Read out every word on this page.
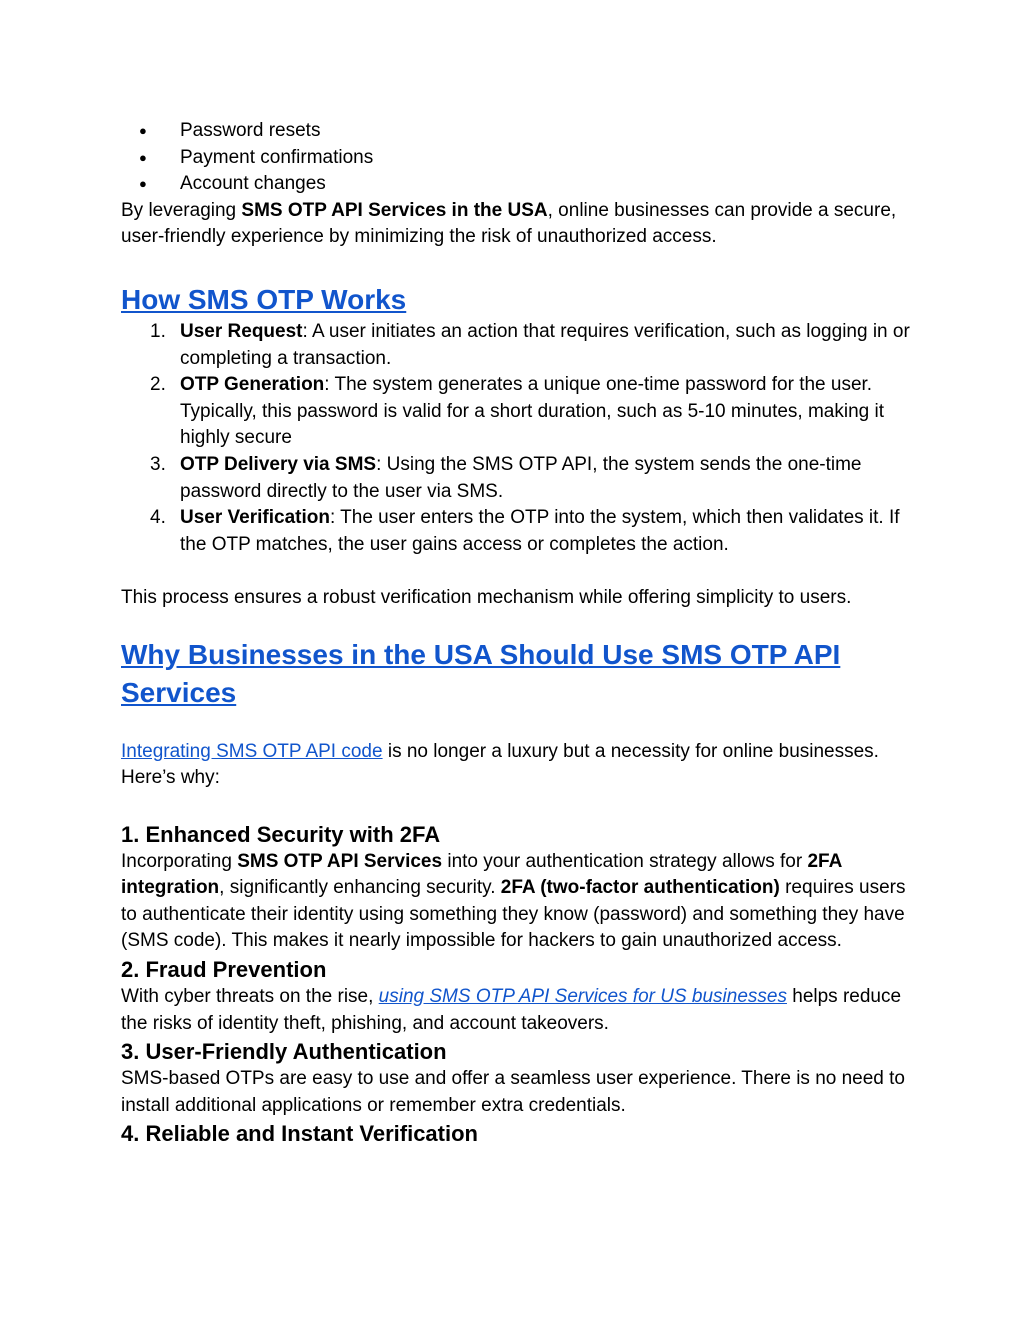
● Password resets
● Payment confirmations
● Account changes

By leveraging SMS OTP API Services in the USA, online businesses can provide a secure, user-friendly experience by minimizing the risk of unauthorized access.

How SMS OTP Works
1. User Request: A user initiates an action that requires verification, such as logging in or completing a transaction.
2. OTP Generation: The system generates a unique one-time password for the user. Typically, this password is valid for a short duration, such as 5-10 minutes, making it highly secure
3. OTP Delivery via SMS: Using the SMS OTP API, the system sends the one-time password directly to the user via SMS.
4. User Verification: The user enters the OTP into the system, which then validates it. If the OTP matches, the user gains access or completes the action.

This process ensures a robust verification mechanism while offering simplicity to users.

Why Businesses in the USA Should Use SMS OTP API Services

Integrating SMS OTP API code is no longer a luxury but a necessity for online businesses. Here’s why:

1. Enhanced Security with 2FA

Incorporating SMS OTP API Services into your authentication strategy allows for 2FA integration, significantly enhancing security. 2FA (two-factor authentication) requires users to authenticate their identity using something they know (password) and something they have (SMS code). This makes it nearly impossible for hackers to gain unauthorized access.

2. Fraud Prevention

With cyber threats on the rise, using SMS OTP API Services for US businesses helps reduce the risks of identity theft, phishing, and account takeovers.

3. User-Friendly Authentication

SMS-based OTPs are easy to use and offer a seamless user experience. There is no need to install additional applications or remember extra credentials.

4. Reliable and Instant Verification
